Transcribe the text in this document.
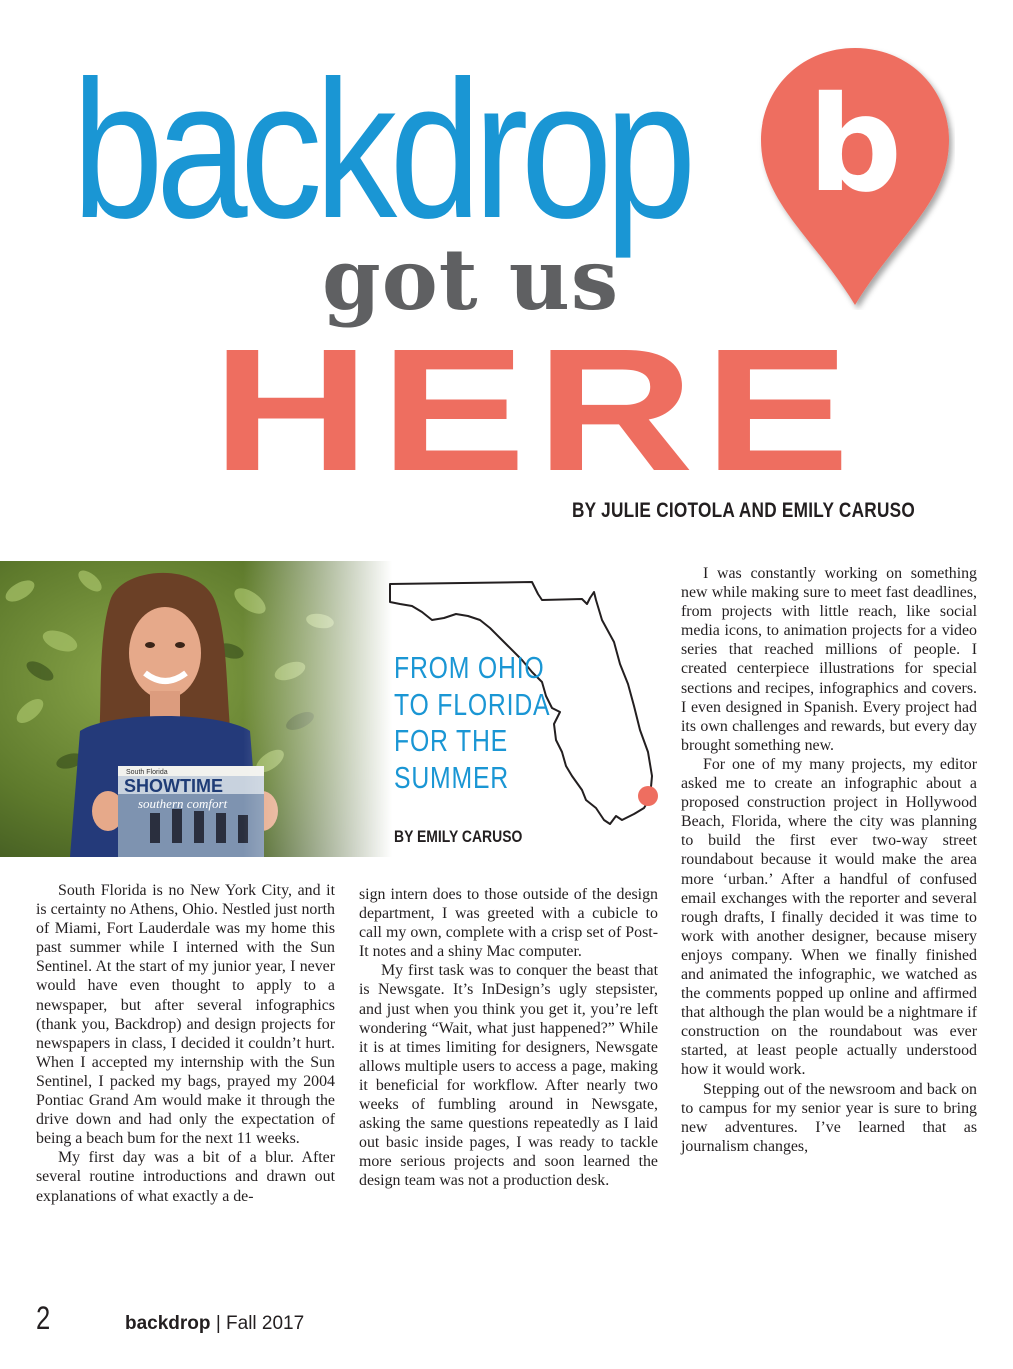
backdrop
got us
HERE
b
BY JULIE CIOTOLA AND EMILY CARUSO
FROM OHIO
TO FLORIDA
FOR THE
SUMMER
BY EMILY CARUSO

South Florida is no New York City, and it is certainty no Athens, Ohio. Nestled just north of Miami, Fort Lauderdale was my home this past summer while I interned with the Sun Sentinel. At the start of my junior year, I never would have even thought to apply to a newspaper, but after several infographics (thank you, Backdrop) and design projects for newspapers in class, I decided it couldn’t hurt. When I accepted my internship with the Sun Sentinel, I packed my bags, prayed my 2004 Pontiac Grand Am would make it through the drive down and had only the expectation of being a beach bum for the next 11 weeks.

My first day was a bit of a blur. After several routine introductions and drawn out explanations of what exactly a de-

sign intern does to those outside of the design department, I was greeted with a cubicle to call my own, complete with a crisp set of Post-It notes and a shiny Mac computer.

My first task was to conquer the beast that is Newsgate. It’s InDesign’s ugly stepsister, and just when you think you get it, you’re left wondering “Wait, what just happened?” While it is at times limiting for designers, Newsgate allows multiple users to access a page, making it beneficial for workflow. After nearly two weeks of fumbling around in Newsgate, asking the same questions repeatedly as I laid out basic inside pages, I was ready to tackle more serious projects and soon learned the design team was not a production desk.

I was constantly working on something new while making sure to meet fast deadlines, from projects with little reach, like social media icons, to animation projects for a video series that reached millions of people. I created centerpiece illustrations for special sections and recipes, infographics and covers. I even designed in Spanish. Every project had its own challenges and rewards, but every day brought something new.

For one of my many projects, my editor asked me to create an infographic about a proposed construction project in Hollywood Beach, Florida, where the city was planning to build the first ever two-way street roundabout because it would make the area more ‘urban.’ After a handful of confused email exchanges with the reporter and several rough drafts, I finally decided it was time to work with another designer, because misery enjoys company. When we finally finished and animated the infographic, we watched as the comments popped up online and affirmed that although the plan would be a nightmare if construction on the roundabout was ever started, at least people actually understood how it would work.

Stepping out of the newsroom and back on to campus for my senior year is sure to bring new adventures. I’ve learned that as journalism changes,

2	backdrop | Fall 2017
